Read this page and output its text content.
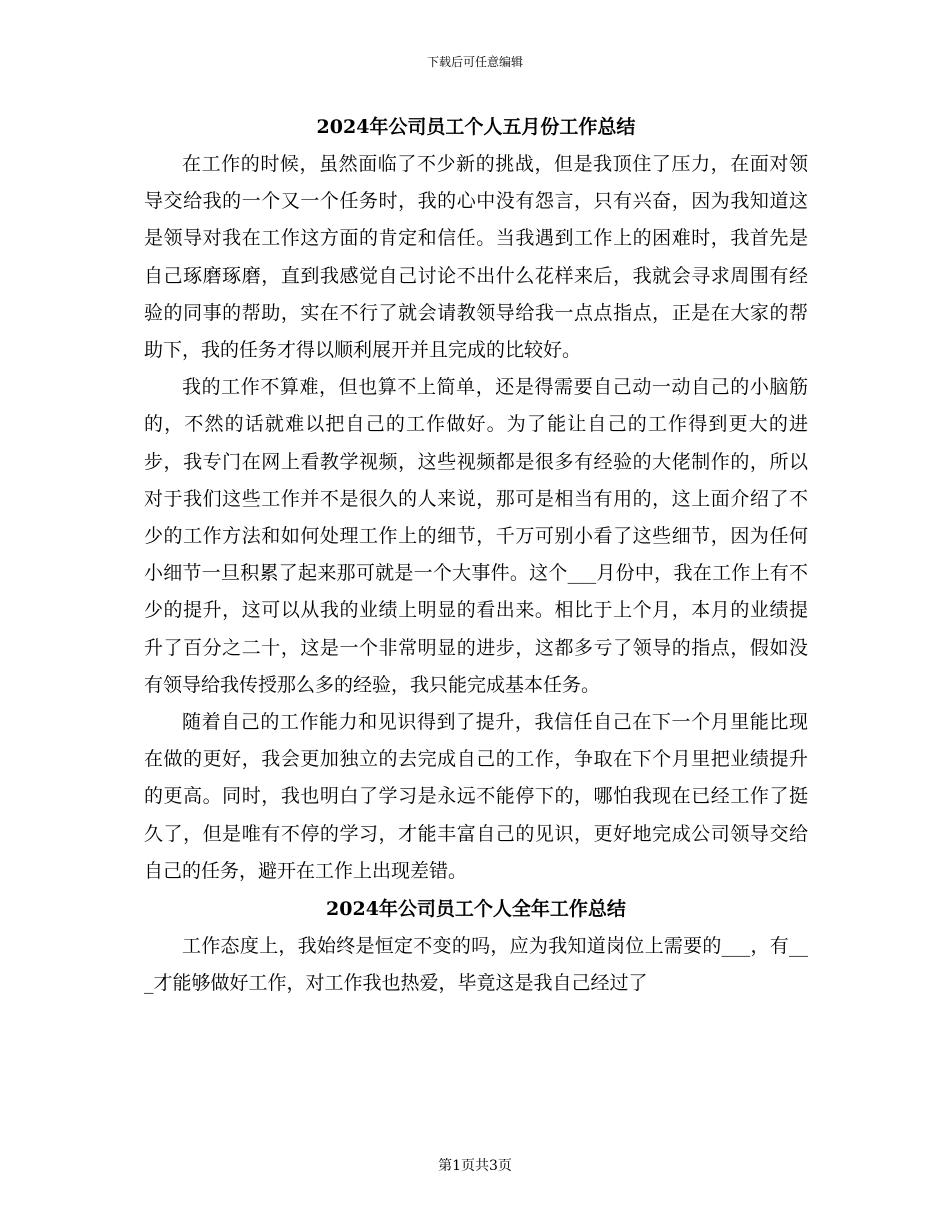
下载后可任意编辑
2024年公司员工个人五月份工作总结

在工作的时候，虽然面临了不少新的挑战，但是我顶住了压力，在面对领导交给我的一个又一个任务时，我的心中没有怨言，只有兴奋，因为我知道这是领导对我在工作这方面的肯定和信任。当我遇到工作上的困难时，我首先是自己琢磨琢磨，直到我感觉自己讨论不出什么花样来后，我就会寻求周围有经验的同事的帮助，实在不行了就会请教领导给我一点点指点，正是在大家的帮助下，我的任务才得以顺利展开并且完成的比较好。

我的工作不算难，但也算不上简单，还是得需要自己动一动自己的小脑筋的，不然的话就难以把自己的工作做好。为了能让自己的工作得到更大的进步，我专门在网上看教学视频，这些视频都是很多有经验的大佬制作的，所以对于我们这些工作并不是很久的人来说，那可是相当有用的，这上面介绍了不少的工作方法和如何处理工作上的细节，千万可别小看了这些细节，因为任何小细节一旦积累了起来那可就是一个大事件。这个___月份中，我在工作上有不少的提升，这可以从我的业绩上明显的看出来。相比于上个月，本月的业绩提升了百分之二十，这是一个非常明显的进步，这都多亏了领导的指点，假如没有领导给我传授那么多的经验，我只能完成基本任务。

随着自己的工作能力和见识得到了提升，我信任自己在下一个月里能比现在做的更好，我会更加独立的去完成自己的工作，争取在下个月里把业绩提升的更高。同时，我也明白了学习是永远不能停下的，哪怕我现在已经工作了挺久了，但是唯有不停的学习，才能丰富自己的见识，更好地完成公司领导交给自己的任务，避开在工作上出现差错。

2024年公司员工个人全年工作总结

工作态度上，我始终是恒定不变的吗，应为我知道岗位上需要的___，有___才能够做好工作，对工作我也热爱，毕竟这是我自己经过了

第1页共3页
